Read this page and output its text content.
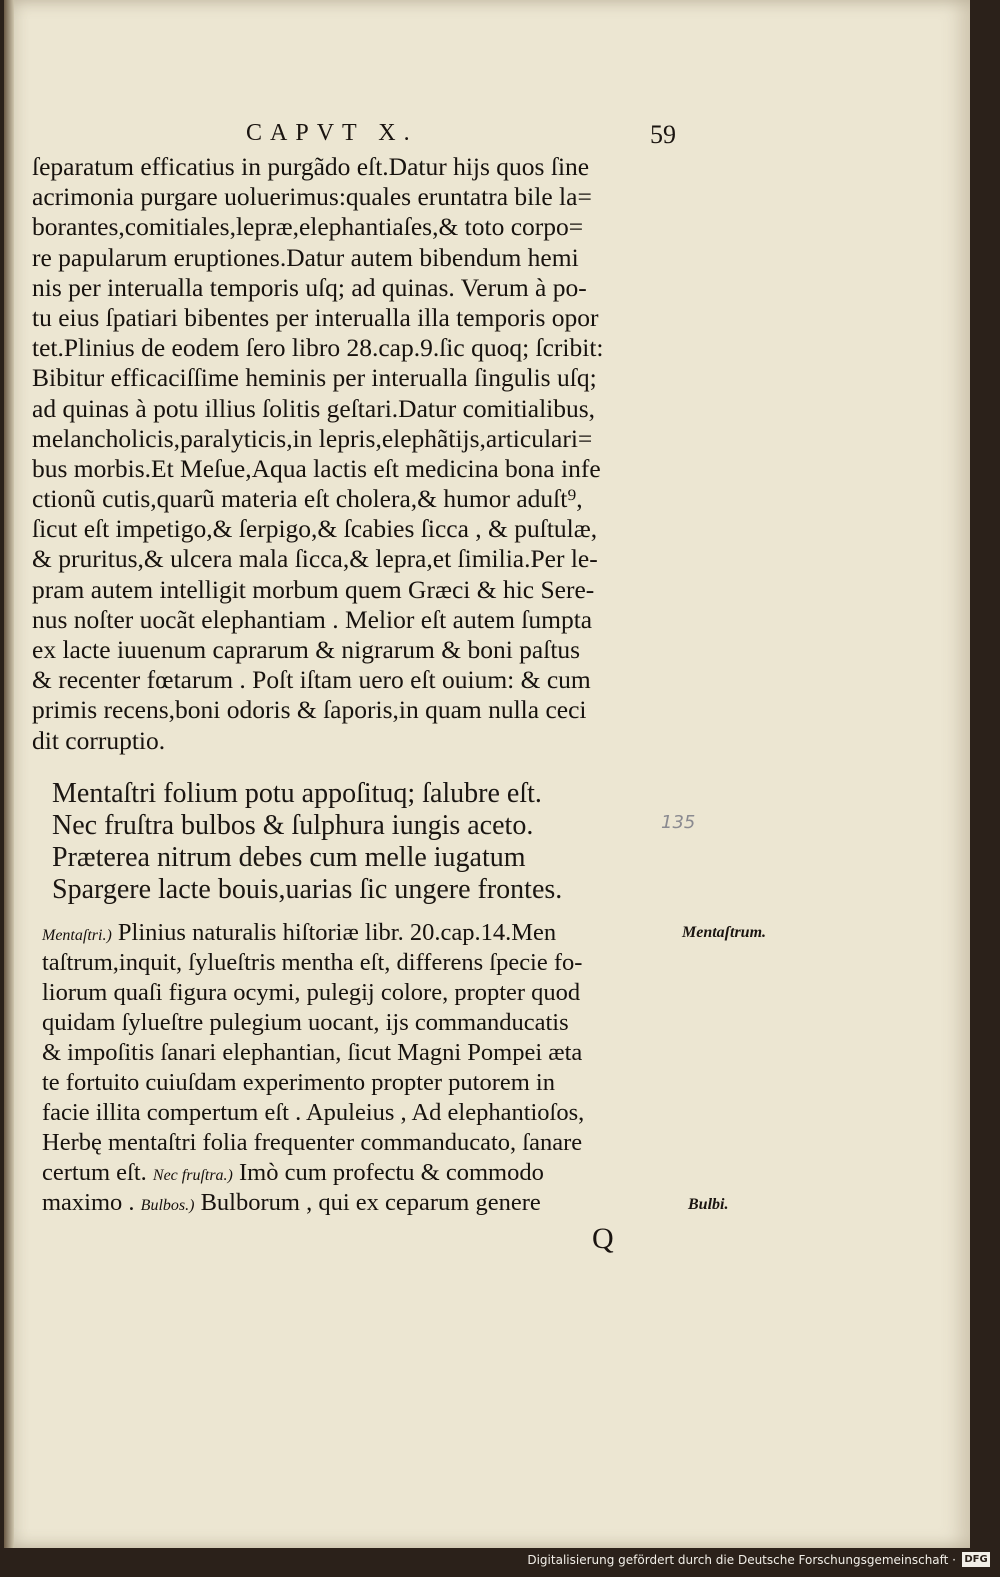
CAPVT X.	59
ſeparatum efficatius in purgãdo eſt.Datur hijs quos ſine
acrimonia purgare uoluerimus:quales eruntatra bile la=
borantes,comitiales,lepræ,elephantiaſes,& toto corpo=
re papularum eruptiones.Datur autem bibendum hemi
nis per interualla temporis uſq; ad quinas. Verum à po-
tu eius ſpatiari bibentes per interualla illa temporis opor
tet.Plinius de eodem ſero libro 28.cap.9.ſic quoq; ſcribit:
Bibitur efficaciſſime heminis per interualla ſingulis uſq;
ad quinas à potu illius ſolitis geſtari.Datur comitialibus,
melancholicis,paralyticis,in lepris,elephãtijs,articulari=
bus morbis.Et Meſue,Aqua lactis eſt medicina bona infe
ctionũ cutis,quarũ materia eſt cholera,& humor aduſt⁹,
ſicut eſt impetigo,& ſerpigo,& ſcabies ſicca , & puſtulæ,
& pruritus,& ulcera mala ſicca,& lepra,et ſimilia.Per le-
pram autem intelligit morbum quem Græci & hic Sere-
nus noſter uocãt elephantiam . Melior eſt autem ſumpta
ex lacte iuuenum caprarum & nigrarum & boni paſtus
& recenter fœtarum . Poſt iſtam uero eſt ouium: & cum
primis recens,boni odoris & ſaporis,in quam nulla ceci
dit corruptio.
Mentaſtri folium potu appoſituq; ſalubre eſt.
Nec fruſtra bulbos & ſulphura iungis aceto.
Præterea nitrum debes cum melle iugatum
Spargere lacte bouis,uarias ſic ungere frontes.
135
Mentaſtri.) Plinius naturalis hiſtoriæ libr. 20.cap.14.Men
taſtrum,inquit, ſylueſtris mentha eſt, differens ſpecie fo-
liorum quaſi figura ocymi, pulegij colore, propter quod
quidam ſylueſtre pulegium uocant, ijs commanducatis
& impoſitis ſanari elephantian, ſicut Magni Pompei æta
te fortuito cuiuſdam experimento propter putorem in
facie illita compertum eſt . Apuleius , Ad elephantioſos,
Herbę mentaſtri folia frequenter commanducato, ſanare
certum eſt. Nec fruſtra.) Imò cum profectu & commodo
maximo . Bulbos.) Bulborum , qui ex ceparum genere
Mentaſtrum.
Bulbi.
Q
Digitalisierung gefördert durch die Deutsche Forschungsgemeinschaft · DFG
